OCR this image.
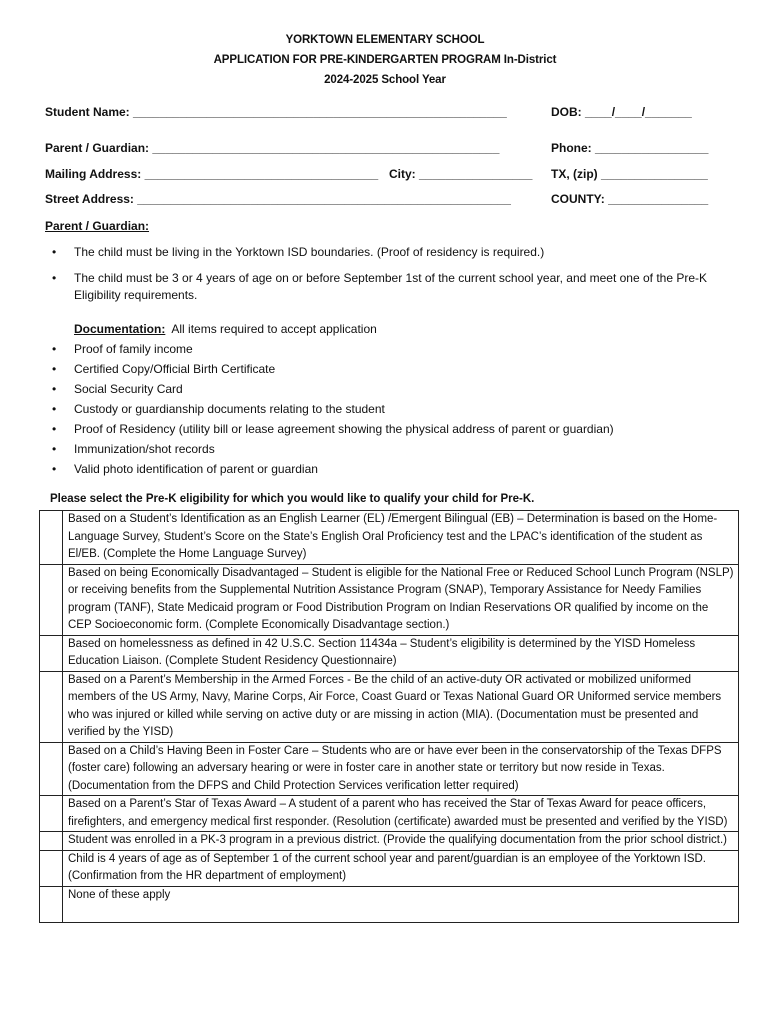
YORKTOWN ELEMENTARY SCHOOL
APPLICATION FOR PRE-KINDERGARTEN PROGRAM In-District
2024-2025 School Year
Student Name: ________________________________________________________	DOB: ____/____/_______
Parent / Guardian: ____________________________________________________	Phone: _________________
Mailing Address: ___________________________________ City: _________________ TX, (zip) ________________
Street Address: ________________________________________________________	COUNTY: _______________
Parent / Guardian:
• The child must be living in the Yorktown ISD boundaries. (Proof of residency is required.)
• The child must be 3 or 4 years of age on or before September 1st of the current school year, and meet one of the Pre-K Eligibility requirements.
Documentation: All items required to accept application
• Proof of family income
• Certified Copy/Official Birth Certificate
• Social Security Card
• Custody or guardianship documents relating to the student
• Proof of Residency (utility bill or lease agreement showing the physical address of parent or guardian)
• Immunization/shot records
• Valid photo identification of parent or guardian
Please select the Pre-K eligibility for which you would like to qualify your child for Pre-K.
	Based on a Student’s Identification as an English Learner (EL) /Emergent Bilingual (EB) – Determination is based on the Home-Language Survey, Student’s Score on the State’s English Oral Proficiency test and the LPAC’s identification of the student as El/EB. (Complete the Home Language Survey)
	Based on being Economically Disadvantaged – Student is eligible for the National Free or Reduced School Lunch Program (NSLP) or receiving benefits from the Supplemental Nutrition Assistance Program (SNAP), Temporary Assistance for Needy Families program (TANF), State Medicaid program or Food Distribution Program on Indian Reservations OR qualified by income on the CEP Socioeconomic form. (Complete Economically Disadvantage section.)
	Based on homelessness as defined in 42 U.S.C. Section 11434a – Student’s eligibility is determined by the YISD Homeless Education Liaison. (Complete Student Residency Questionnaire)
	Based on a Parent’s Membership in the Armed Forces - Be the child of an active-duty OR activated or mobilized uniformed members of the US Army, Navy, Marine Corps, Air Force, Coast Guard or Texas National Guard OR Uniformed service members who was injured or killed while serving on active duty or are missing in action (MIA). (Documentation must be presented and verified by the YISD)
	Based on a Child’s Having Been in Foster Care – Students who are or have ever been in the conservatorship of the Texas DFPS (foster care) following an adversary hearing or were in foster care in another state or territory but now reside in Texas. (Documentation from the DFPS and Child Protection Services verification letter required)
	Based on a Parent’s Star of Texas Award – A student of a parent who has received the Star of Texas Award for peace officers, firefighters, and emergency medical first responder. (Resolution (certificate) awarded must be presented and verified by the YISD)
	Student was enrolled in a PK-3 program in a previous district. (Provide the qualifying documentation from the prior school district.)
	Child is 4 years of age as of September 1 of the current school year and parent/guardian is an employee of the Yorktown ISD. (Confirmation from the HR department of employment)
	None of these apply
